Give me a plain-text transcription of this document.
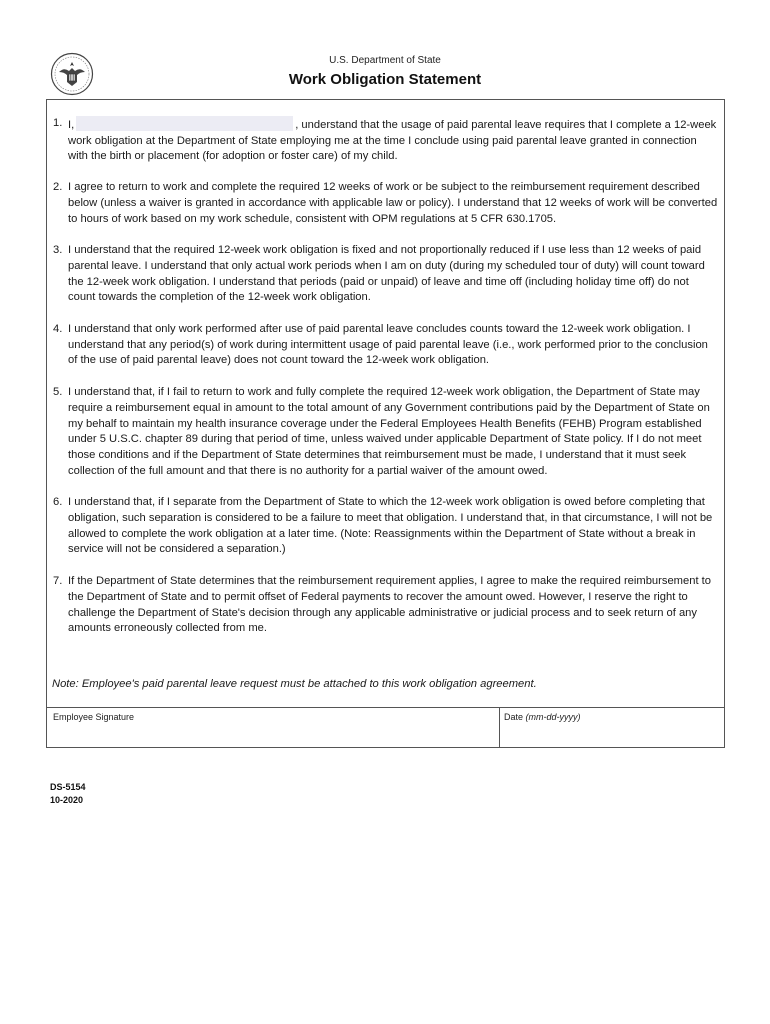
U.S. Department of State
Work Obligation Statement
1. I,	, understand that the usage of paid parental leave requires that I complete a 12-week work obligation at the Department of State employing me at the time I conclude using paid parental leave granted in connection with the birth or placement (for adoption or foster care) of my child.
2. I agree to return to work and complete the required 12 weeks of work or be subject to the reimbursement requirement described below (unless a waiver is granted in accordance with applicable law or policy). I understand that 12 weeks of work will be converted to hours of work based on my work schedule, consistent with OPM regulations at 5 CFR 630.1705.
3. I understand that the required 12-week work obligation is fixed and not proportionally reduced if I use less than 12 weeks of paid parental leave. I understand that only actual work periods when I am on duty (during my scheduled tour of duty) will count toward the 12-week work obligation. I understand that periods (paid or unpaid) of leave and time off (including holiday time off) do not count towards the completion of the 12-week work obligation.
4. I understand that only work performed after use of paid parental leave concludes counts toward the 12-week work obligation. I understand that any period(s) of work during intermittent usage of paid parental leave (i.e., work performed prior to the conclusion of the use of paid parental leave) does not count toward the 12-week work obligation.
5. I understand that, if I fail to return to work and fully complete the required 12-week work obligation, the Department of State may require a reimbursement equal in amount to the total amount of any Government contributions paid by the Department of State on my behalf to maintain my health insurance coverage under the Federal Employees Health Benefits (FEHB) Program established under 5 U.S.C. chapter 89 during that period of time, unless waived under applicable Department of State policy. If I do not meet those conditions and if the Department of State determines that reimbursement must be made, I understand that it must seek collection of the full amount and that there is no authority for a partial waiver of the amount owed.
6. I understand that, if I separate from the Department of State to which the 12-week work obligation is owed before completing that obligation, such separation is considered to be a failure to meet that obligation. I understand that, in that circumstance, I will not be allowed to complete the work obligation at a later time. (Note: Reassignments within the Department of State without a break in service will not be considered a separation.)
7. If the Department of State determines that the reimbursement requirement applies, I agree to make the required reimbursement to the Department of State and to permit offset of Federal payments to recover the amount owed. However, I reserve the right to challenge the Department of State's decision through any applicable administrative or judicial process and to seek return of any amounts erroneously collected from me.
Note: Employee's paid parental leave request must be attached to this work obligation agreement.
Employee Signature	Date (mm-dd-yyyy)
DS-5154
10-2020
